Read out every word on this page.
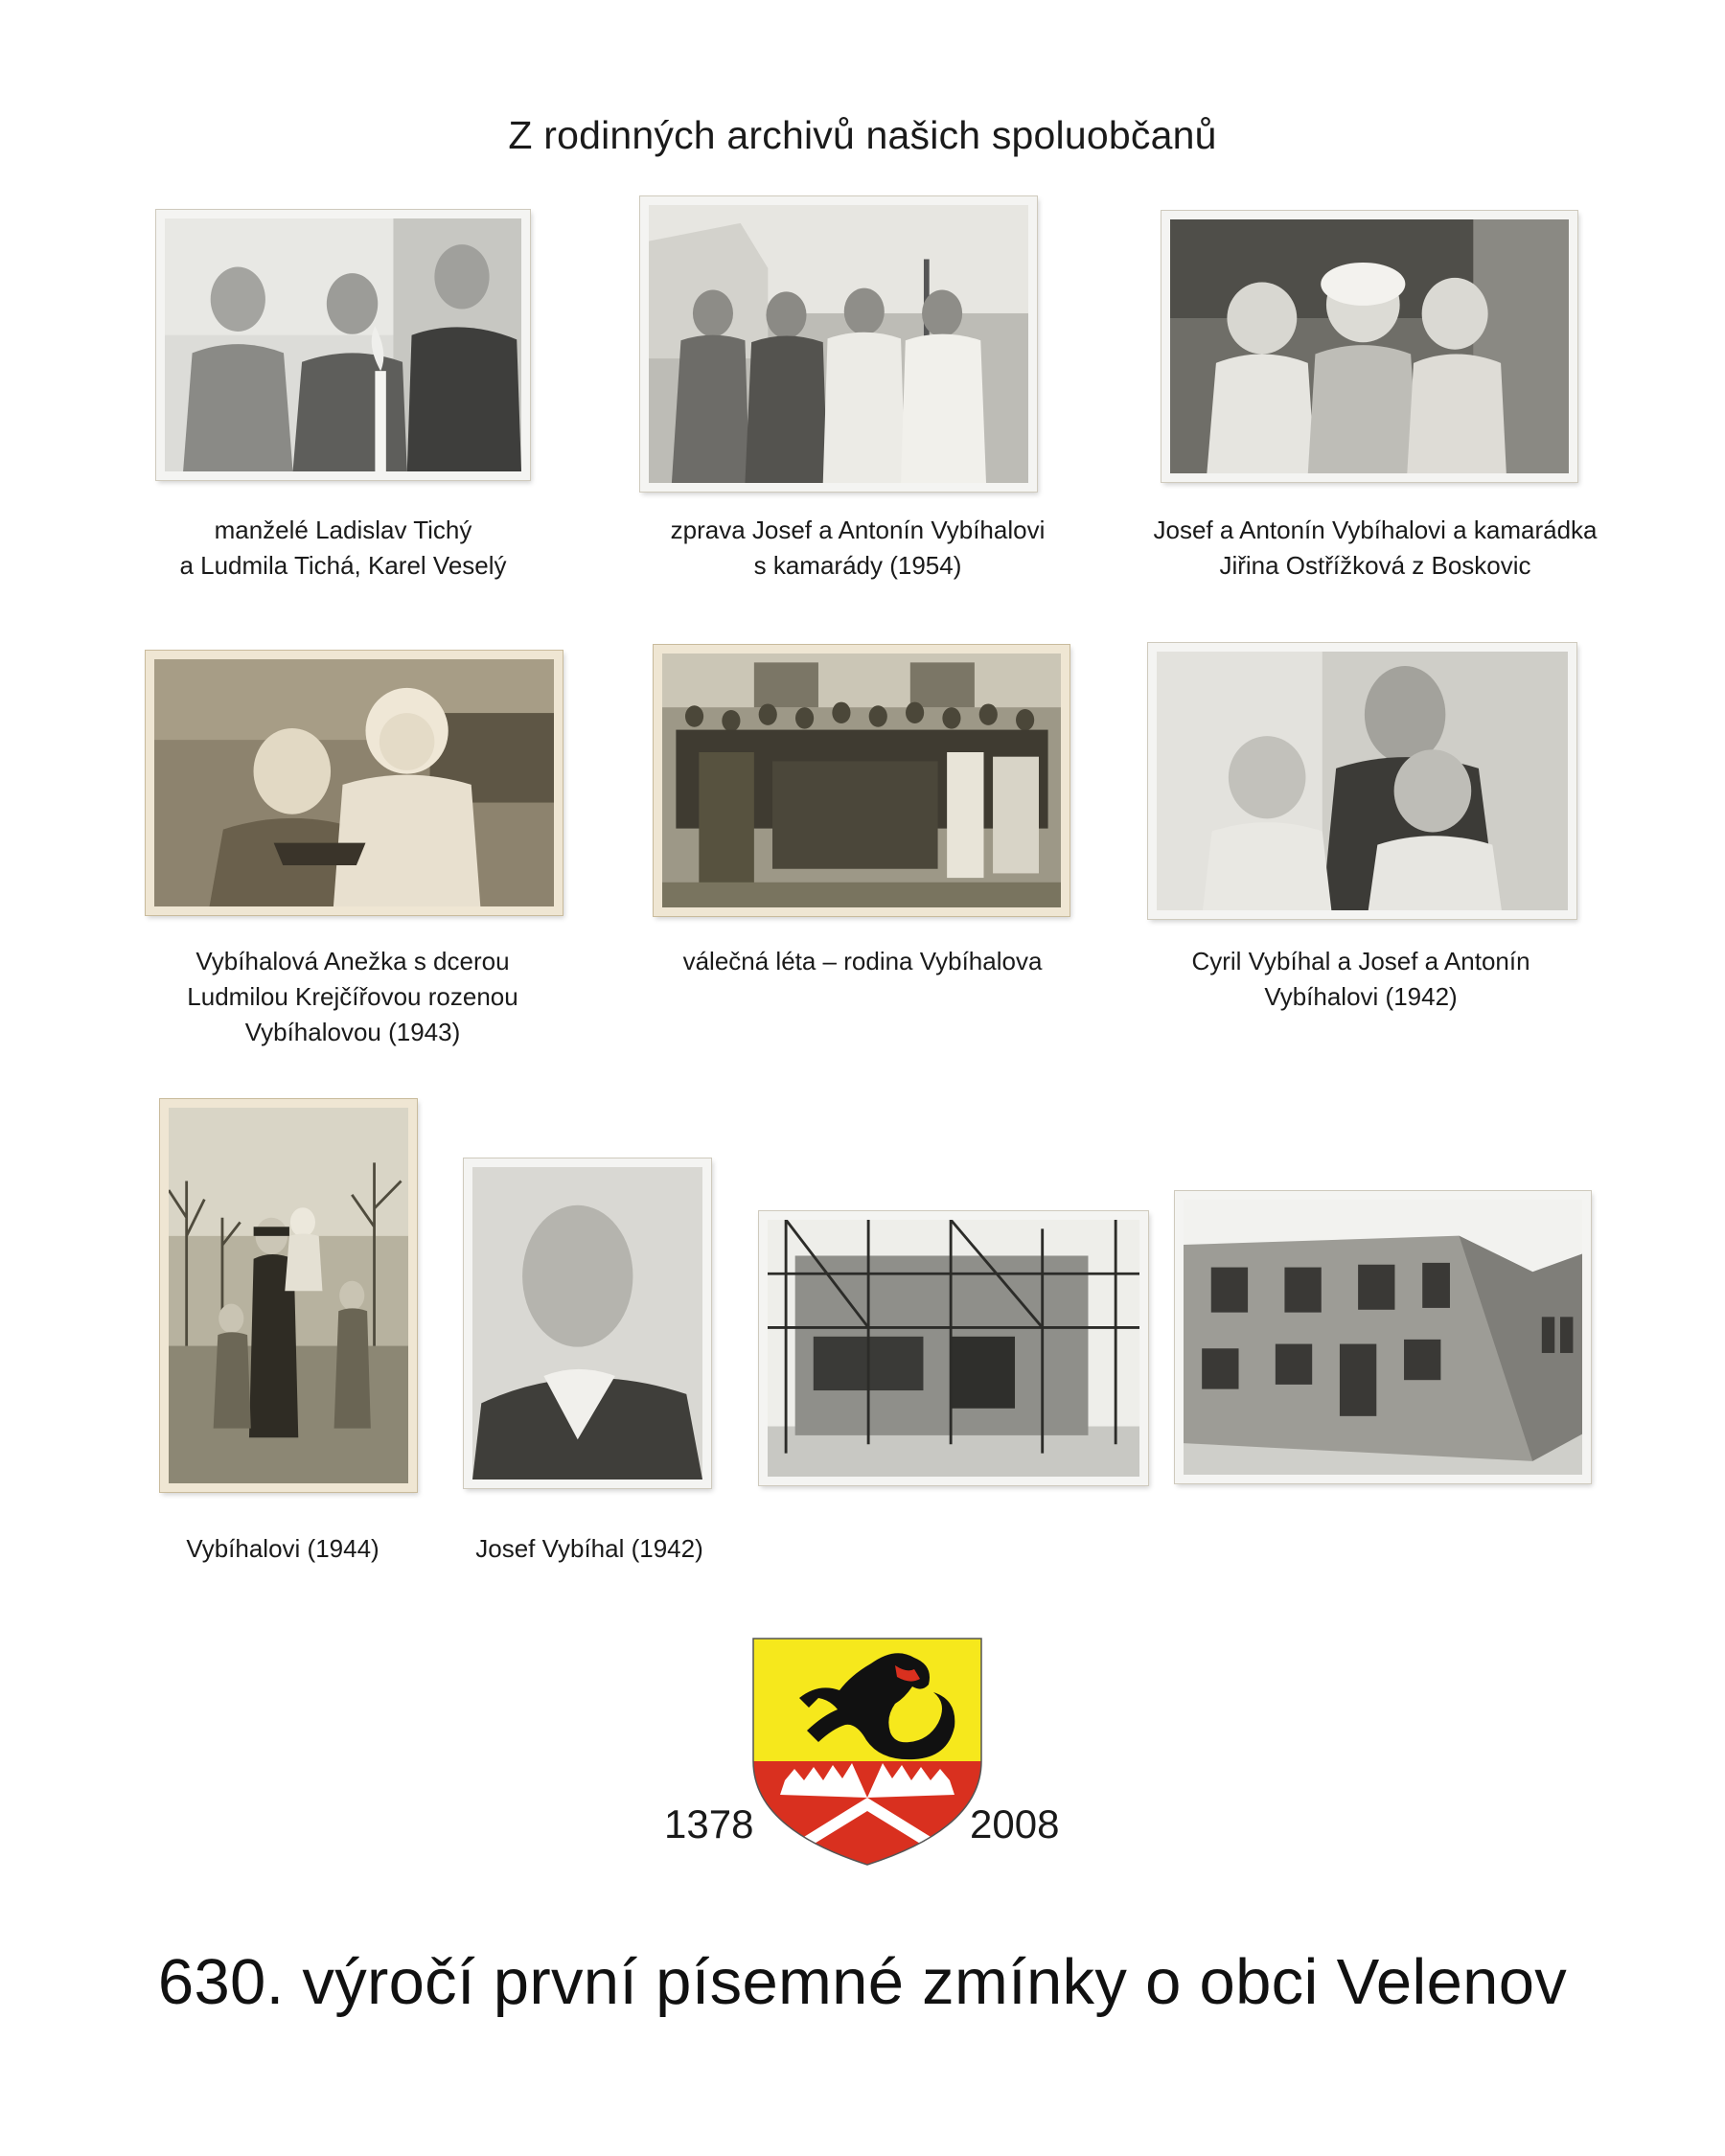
Z rodinných archivů našich spoluobčanů
manželé Ladislav Tichý
a Ludmila Tichá, Karel Veselý
zprava Josef a Antonín Vybíhalovi
s kamarády (1954)
Josef a Antonín Vybíhalovi a kamarádka
Jiřina Ostřížková z Boskovic
Vybíhalová Anežka s dcerou
Ludmilou Krejčířovou rozenou
Vybíhalovou (1943)
válečná léta – rodina Vybíhalova	Cyril Vybíhal a Josef a Antonín
Vybíhalovi (1942)
Vybíhalovi (1944)	Josef Vybíhal (1942)
1378	2008
630. výročí první písemné zmínky o obci Velenov
